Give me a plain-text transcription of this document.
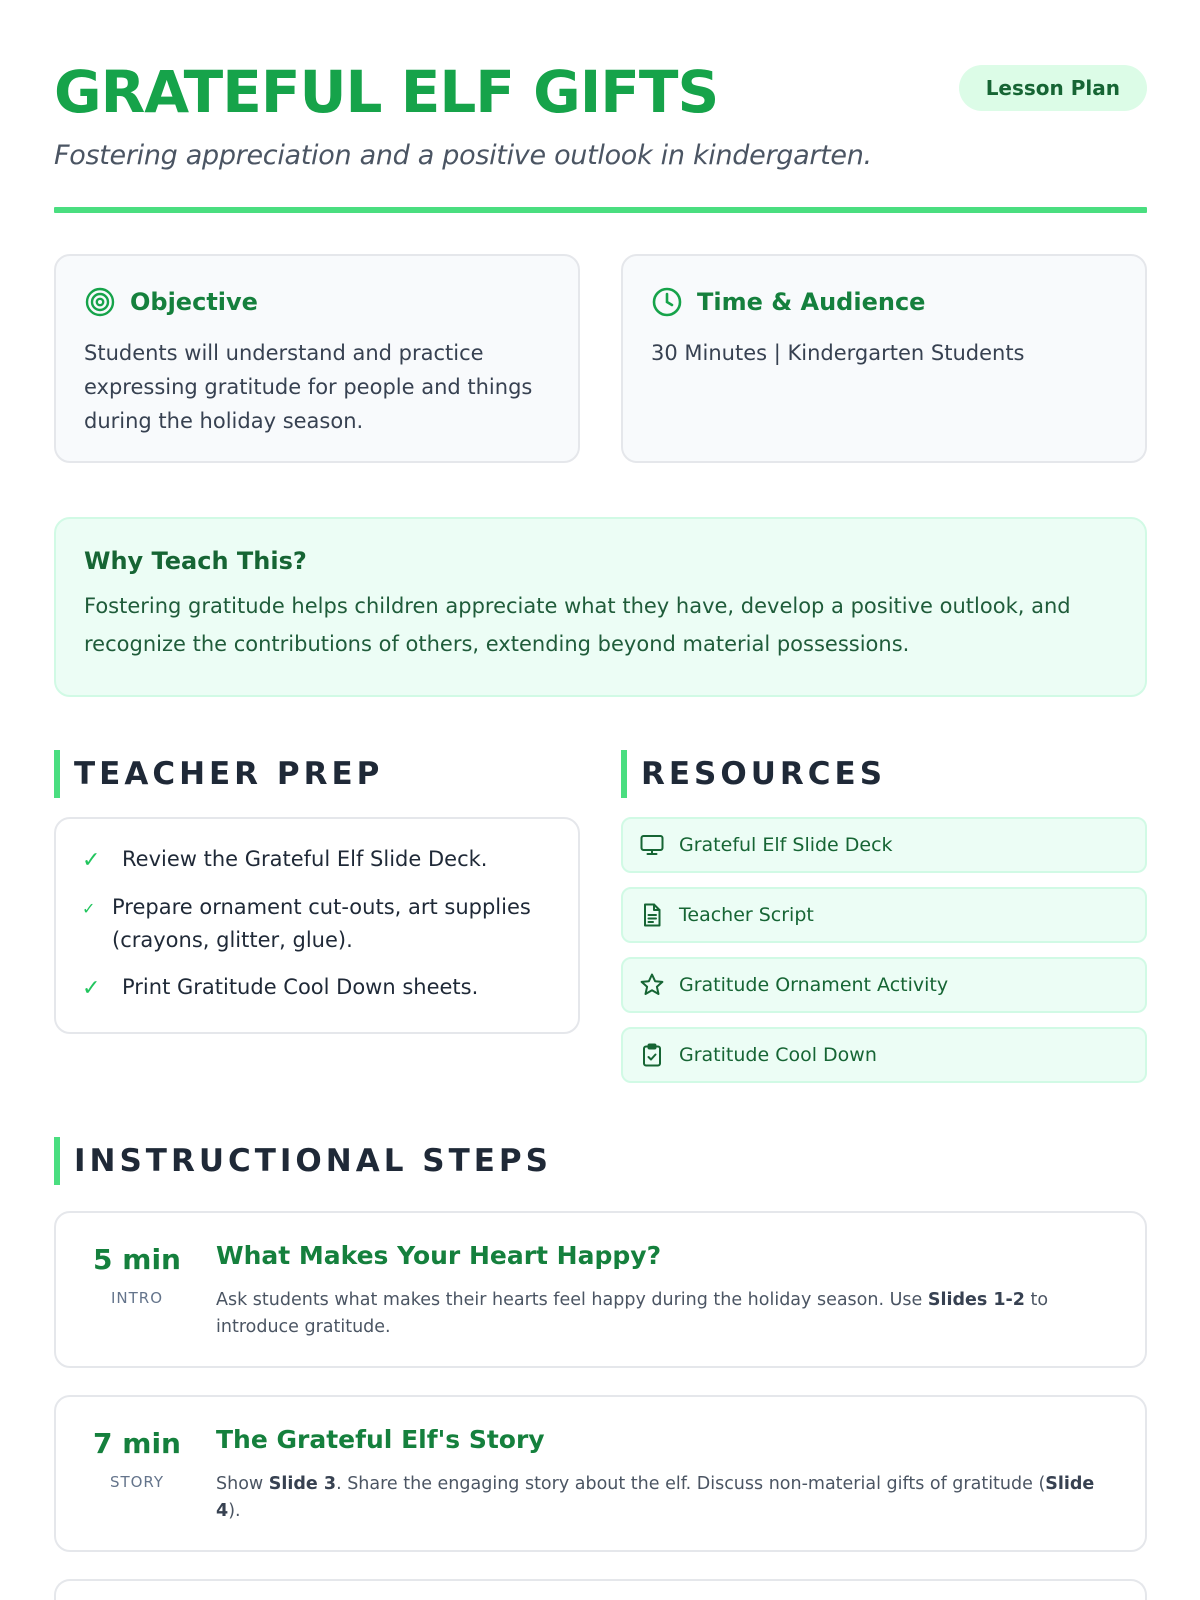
GRATEFUL ELF GIFTS	Lesson Plan
Fostering appreciation and a positive outlook in kindergarten.
Objective
Students will understand and practice expressing gratitude for people and things during the holiday season.
Time & Audience
30 Minutes | Kindergarten Students
Why Teach This?
Fostering gratitude helps children appreciate what they have, develop a positive outlook, and recognize the contributions of others, extending beyond material possessions.
TEACHER PREP	RESOURCES
✓	Review the Grateful Elf Slide Deck.
✓ Prepare ornament cut-outs, art supplies (crayons, glitter, glue).
✓	Print Gratitude Cool Down sheets.
Grateful Elf Slide Deck
Teacher Script
Gratitude Ornament Activity
Gratitude Cool Down
INSTRUCTIONAL STEPS
5 min
INTRO
What Makes Your Heart Happy?
Ask students what makes their hearts feel happy during the holiday season. Use Slides 1-2 to introduce gratitude.
7 min
STORY
The Grateful Elf's Story
Show Slide 3. Share the engaging story about the elf. Discuss non-material gifts of gratitude (Slide 4).
